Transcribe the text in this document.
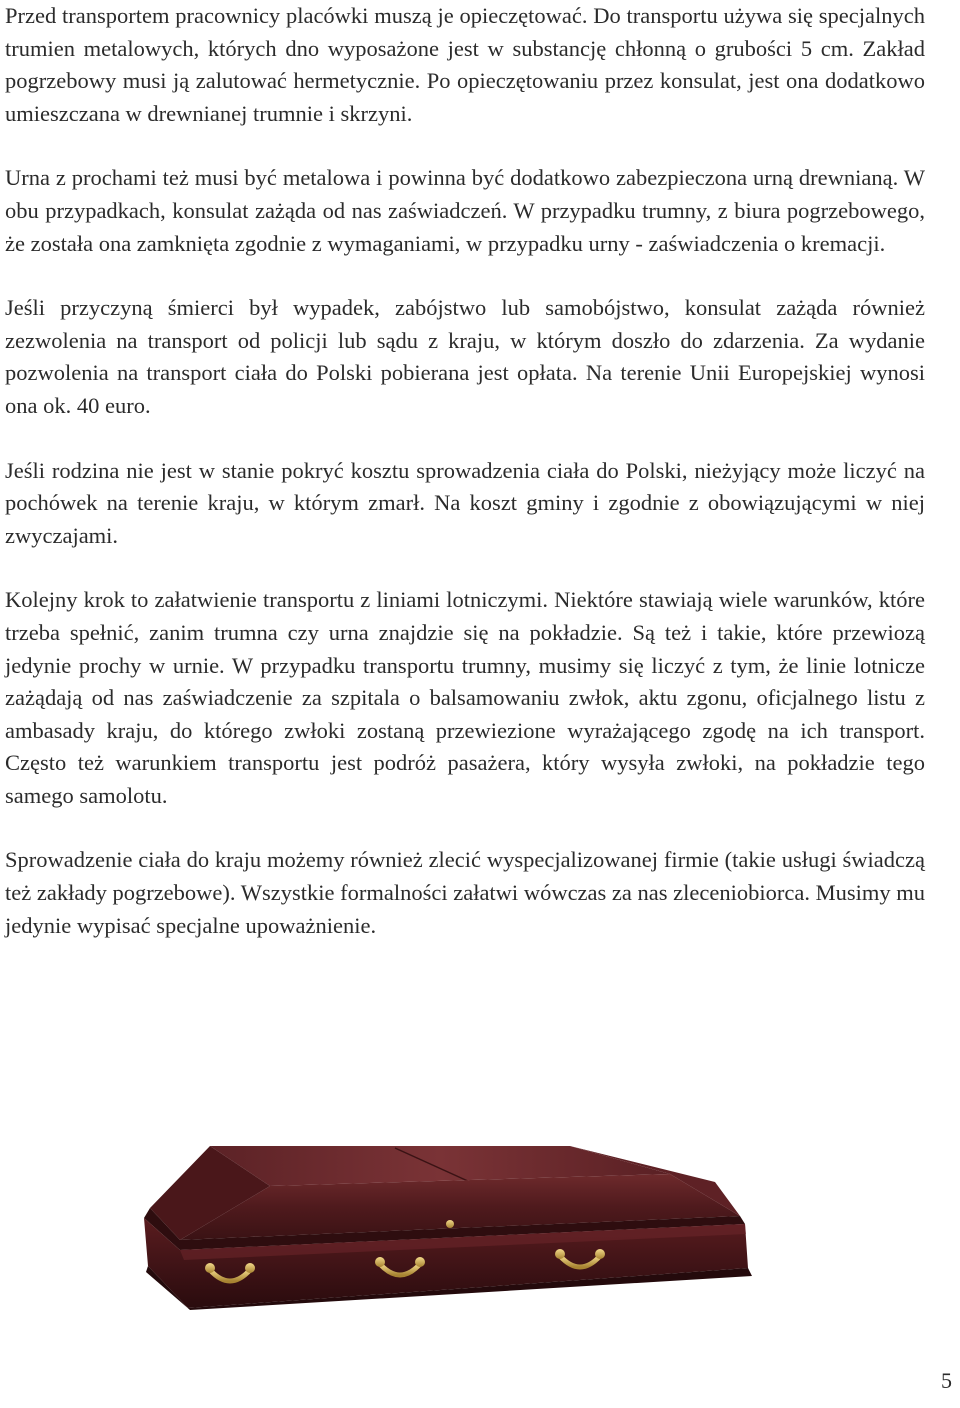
Przed transportem pracownicy placówki muszą je opieczętować. Do transportu używa się specjalnych trumien metalowych, których dno wyposażone jest w substancję chłonną o grubości 5 cm. Zakład pogrzebowy musi ją zalutować hermetycznie. Po opieczętowaniu przez konsulat, jest ona dodatkowo umieszczana w drewnianej trumnie i skrzyni.

Urna z prochami też musi być metalowa i powinna być dodatkowo zabezpieczona urną drewnianą. W obu przypadkach, konsulat zażąda od nas zaświadczeń. W przypadku trumny, z biura pogrzebowego, że została ona zamknięta zgodnie z wymaganiami, w przypadku urny - zaświadczenia o kremacji.

Jeśli przyczyną śmierci był wypadek, zabójstwo lub samobójstwo, konsulat zażąda również zezwolenia na transport od policji lub sądu z kraju, w którym doszło do zdarzenia. Za wydanie pozwolenia na transport ciała do Polski pobierana jest opłata. Na terenie Unii Europejskiej wynosi ona ok. 40 euro.

Jeśli rodzina nie jest w stanie pokryć kosztu sprowadzenia ciała do Polski, nieżyjący może liczyć na pochówek na terenie kraju, w którym zmarł. Na koszt gminy i zgodnie z obowiązującymi w niej zwyczajami.

Kolejny krok to załatwienie transportu z liniami lotniczymi. Niektóre stawiają wiele warunków, które trzeba spełnić, zanim trumna czy urna znajdzie się na pokładzie. Są też i takie, które przewiozą jedynie prochy w urnie. W przypadku transportu trumny, musimy się liczyć z tym, że linie lotnicze zażądają od nas zaświadczenie za szpitala o balsamowaniu zwłok, aktu zgonu, oficjalnego listu z ambasady kraju, do którego zwłoki zostaną przewiezione wyrażającego zgodę na ich transport. Często też warunkiem transportu jest podróż pasażera, który wysyła zwłoki, na pokładzie tego samego samolotu.

Sprowadzenie ciała do kraju możemy również zlecić wyspecjalizowanej firmie (takie usługi świadczą też zakłady pogrzebowe). Wszystkie formalności załatwi wówczas za nas zleceniobiorca. Musimy mu jedynie wypisać specjalne upoważnienie.

5
